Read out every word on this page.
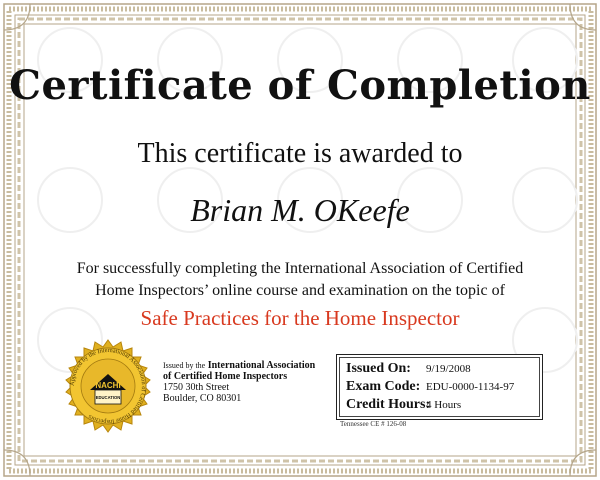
Certificate of Completion
This certificate is awarded to
Brian M. OKeefe
For successfully completing the International Association of Certified
Home Inspectors’ online course and examination on the topic of
Safe Practices for the Home Inspector
Approved by the International Association of Certified Home Inspectors
NACHI
EDUCATION
Issued by the International Association
of Certified Home Inspectors
1750 30th Street
Boulder, CO 80301
Issued On: 9/19/2008
Exam Code: EDU-0000-1134-97
Credit Hours:
4 Hours
Tennessee CE # 126-08
